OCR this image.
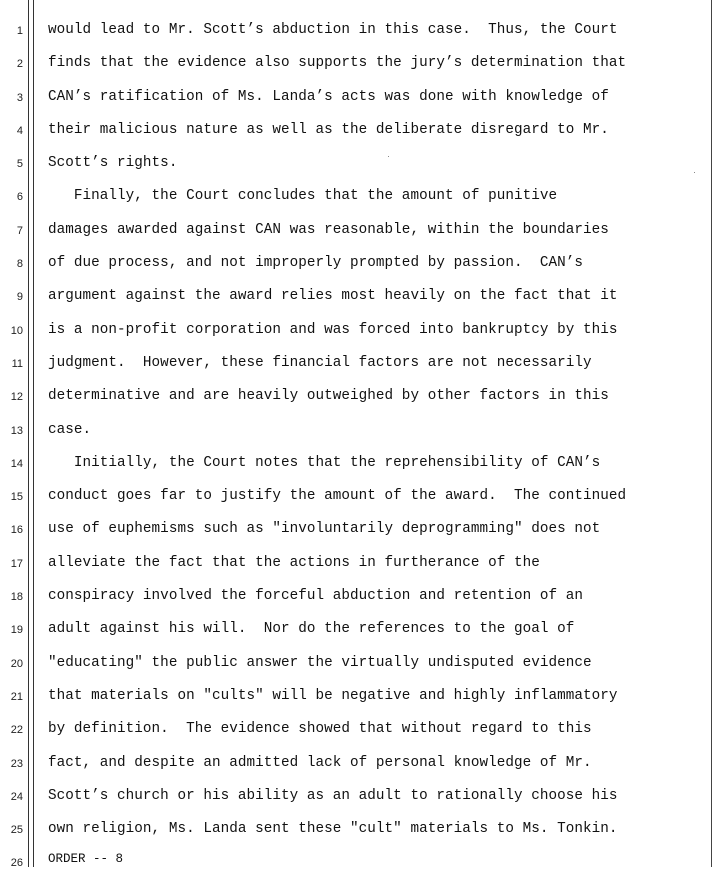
1 would lead to Mr. Scott’s abduction in this case.  Thus, the Court
2 finds that the evidence also supports the jury’s determination that
3 CAN’s ratification of Ms. Landa’s acts was done with knowledge of
4 their malicious nature as well as the deliberate disregard to Mr.
5 Scott’s rights.
6 Finally, the Court concludes that the amount of punitive
7 damages awarded against CAN was reasonable, within the boundaries
8 of due process, and not improperly prompted by passion.  CAN’s
9 argument against the award relies most heavily on the fact that it
10 is a non-profit corporation and was forced into bankruptcy by this
11 judgment.  However, these financial factors are not necessarily
12 determinative and are heavily outweighed by other factors in this
13 case.
14 Initially, the Court notes that the reprehensibility of CAN’s
15 conduct goes far to justify the amount of the award.  The continued
16 use of euphemisms such as "involuntarily deprogramming" does not
17 alleviate the fact that the actions in furtherance of the
18 conspiracy involved the forceful abduction and retention of an
19 adult against his will.  Nor do the references to the goal of
20 "educating" the public answer the virtually undisputed evidence
21 that materials on "cults" will be negative and highly inflammatory
22 by definition.  The evidence showed that without regard to this
23 fact, and despite an admitted lack of personal knowledge of Mr.
24 Scott’s church or his ability as an adult to rationally choose his
25 own religion, Ms. Landa sent these "cult" materials to Ms. Tonkin.
26 ORDER -- 8
